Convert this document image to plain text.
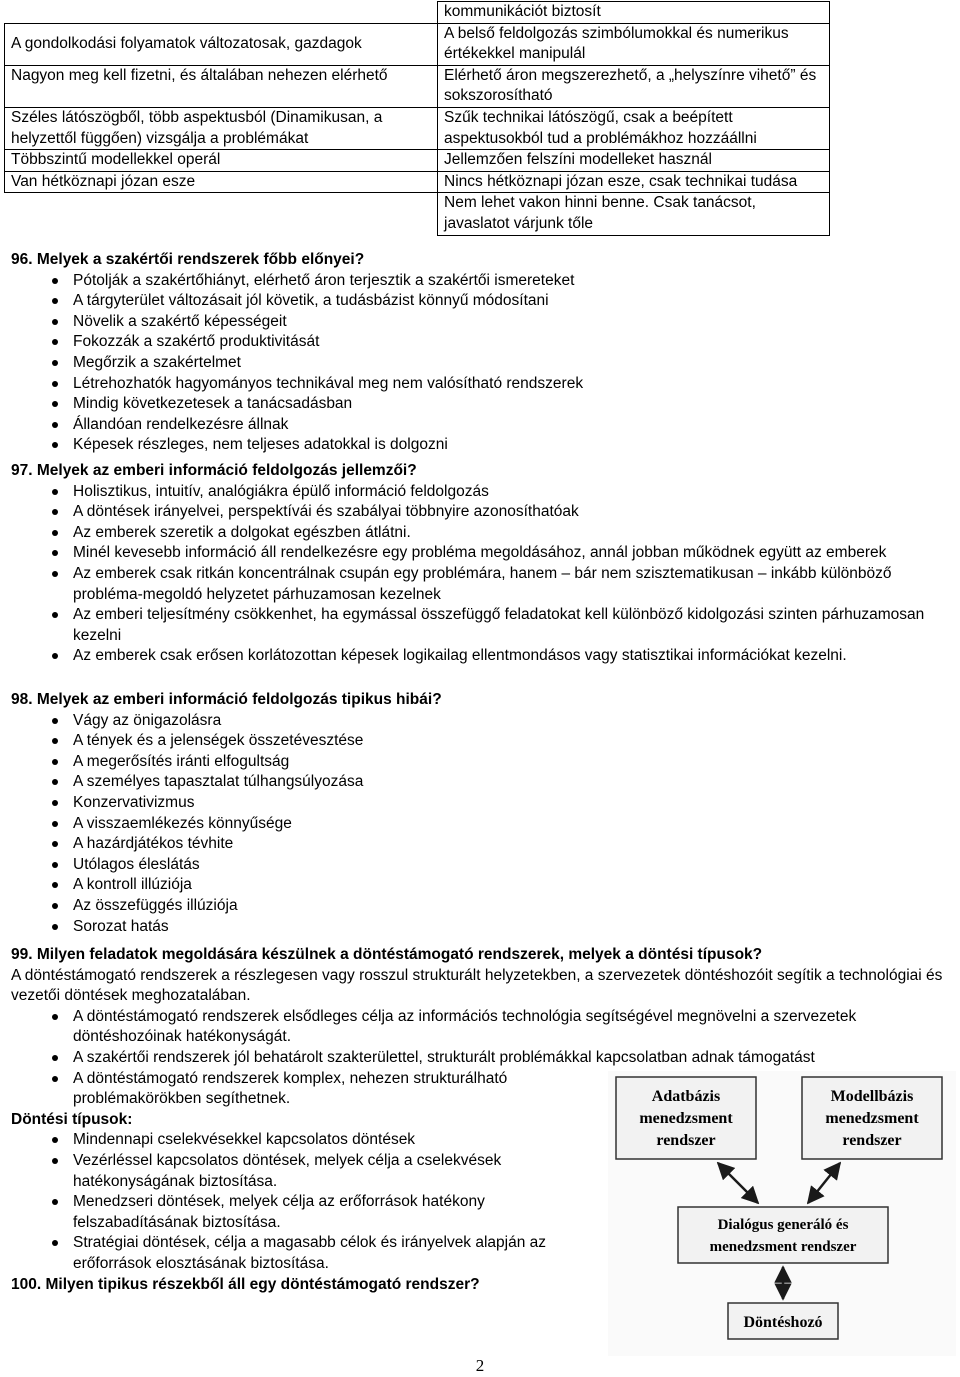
	kommunikációt biztosít
A gondolkodási folyamatok változatosak, gazdagok	A belső feldolgozás szimbólumokkal és numerikus értékekkel manipulál
Nagyon meg kell fizetni, és általában nehezen elérhető	Elérhető áron megszerezhető, a „helyszínre vihető” és sokszorosítható
Széles látószögből, több aspektusból (Dinamikusan, a helyzettől függően) vizsgálja a problémákat	Szűk technikai látószögű, csak a beépített aspektusokból tud a problémákhoz hozzáállni
Többszintű modellekkel operál	Jellemzően felszíni modelleket használ
Van hétköznapi józan esze	Nincs hétköznapi józan esze, csak technikai tudása
	Nem lehet vakon hinni benne. Csak tanácsot, javaslatot várjunk tőle
96. Melyek a szakértői rendszerek főbb előnyei?
Pótolják a szakértőhiányt, elérhető áron terjesztik a szakértői ismereteket
A tárgyterület változásait jól követik, a tudásbázist könnyű módosítani
Növelik a szakértő képességeit
Fokozzák a szakértő produktivitását
Megőrzik a szakértelmet
Létrehozhatók hagyományos technikával meg nem valósítható rendszerek
Mindig következetesek a tanácsadásban
Állandóan rendelkezésre állnak
Képesek részleges, nem teljeses adatokkal is dolgozni
97. Melyek az emberi információ feldolgozás jellemzői?
Holisztikus, intuitív, analógiákra épülő információ feldolgozás
A döntések irányelvei, perspektívái és szabályai többnyire azonosíthatóak
Az emberek szeretik a dolgokat egészben átlátni.
Minél kevesebb információ áll rendelkezésre egy probléma megoldásához, annál jobban működnek együtt az emberek
Az emberek csak ritkán koncentrálnak csupán egy problémára, hanem – bár nem szisztematikusan – inkább különböző probléma-megoldó helyzetet párhuzamosan kezelnek
Az emberi teljesítmény csökkenhet, ha egymással összefüggő feladatokat kell különböző kidolgozási szinten párhuzamosan kezelni
Az emberek csak erősen korlátozottan képesek logikailag ellentmondásos vagy statisztikai információkat kezelni.
98. Melyek az emberi információ feldolgozás tipikus hibái?
Vágy az önigazolásra
A tények és a jelenségek összetévesztése
A megerősítés iránti elfogultság
A személyes tapasztalat túlhangsúlyozása
Konzervativizmus
A visszaemlékezés könnyűsége
A hazárdjátékos tévhite
Utólagos éleslátás
A kontroll illúziója
Az összefüggés illúziója
Sorozat hatás
99. Milyen feladatok megoldására készülnek a döntéstámogató rendszerek, melyek a döntési típusok?
A döntéstámogató rendszerek a részlegesen vagy rosszul strukturált helyzetekben, a szervezetek döntéshozóit segítik a technológiai és vezetői döntések meghozatalában.
A döntéstámogató rendszerek elsődleges célja az információs technológia segítségével megnövelni a szervezetek döntéshozóinak hatékonyságát.
A szakértői rendszerek jól behatárolt szakterülettel, strukturált problémákkal kapcsolatban adnak támogatást
A döntéstámogató rendszerek komplex, nehezen strukturálható problémakörökben segíthetnek.
Döntési típusok:
Mindennapi cselekvésekkel kapcsolatos döntések
Vezérléssel kapcsolatos döntések, melyek célja a cselekvések hatékonyságának biztosítása.
Menedzseri döntések, melyek célja az erőforrások hatékony felszabadításának biztosítása.
Stratégiai döntések, célja a magasabb célok és irányelvek alapján az erőforrások elosztásának biztosítása.
100. Milyen tipikus részekből áll egy döntéstámogató rendszer?
Adatbázis
menedzsment
rendszer
Modellbázis
menedzsment
rendszer
Dialógus generáló és
menedzsment rendszer
Döntéshozó
2
